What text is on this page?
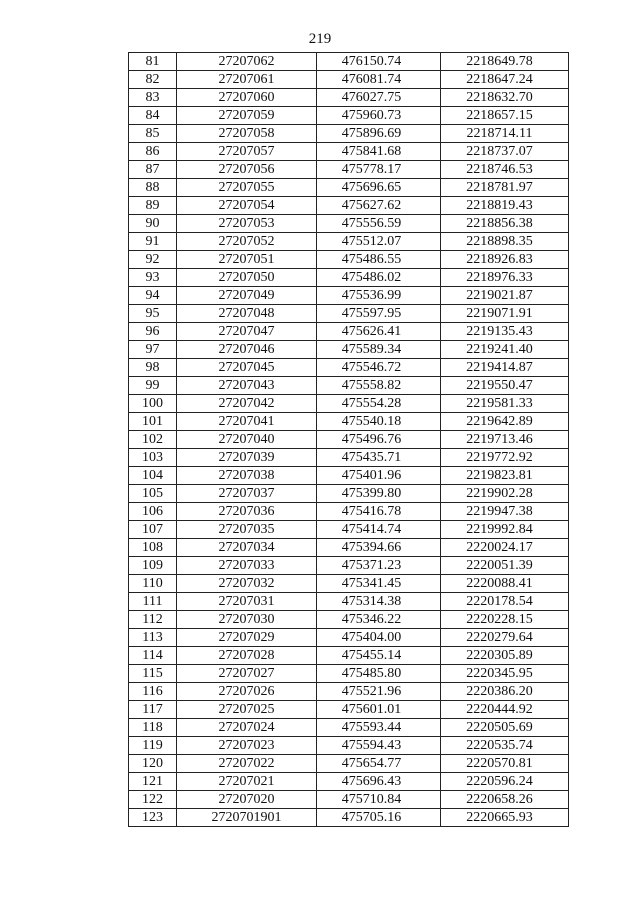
219
81	27207062	476150.74	2218649.78
82	27207061	476081.74	2218647.24
83	27207060	476027.75	2218632.70
84	27207059	475960.73	2218657.15
85	27207058	475896.69	2218714.11
86	27207057	475841.68	2218737.07
87	27207056	475778.17	2218746.53
88	27207055	475696.65	2218781.97
89	27207054	475627.62	2218819.43
90	27207053	475556.59	2218856.38
91	27207052	475512.07	2218898.35
92	27207051	475486.55	2218926.83
93	27207050	475486.02	2218976.33
94	27207049	475536.99	2219021.87
95	27207048	475597.95	2219071.91
96	27207047	475626.41	2219135.43
97	27207046	475589.34	2219241.40
98	27207045	475546.72	2219414.87
99	27207043	475558.82	2219550.47
100	27207042	475554.28	2219581.33
101	27207041	475540.18	2219642.89
102	27207040	475496.76	2219713.46
103	27207039	475435.71	2219772.92
104	27207038	475401.96	2219823.81
105	27207037	475399.80	2219902.28
106	27207036	475416.78	2219947.38
107	27207035	475414.74	2219992.84
108	27207034	475394.66	2220024.17
109	27207033	475371.23	2220051.39
110	27207032	475341.45	2220088.41
111	27207031	475314.38	2220178.54
112	27207030	475346.22	2220228.15
113	27207029	475404.00	2220279.64
114	27207028	475455.14	2220305.89
115	27207027	475485.80	2220345.95
116	27207026	475521.96	2220386.20
117	27207025	475601.01	2220444.92
118	27207024	475593.44	2220505.69
119	27207023	475594.43	2220535.74
120	27207022	475654.77	2220570.81
121	27207021	475696.43	2220596.24
122	27207020	475710.84	2220658.26
123	2720701901	475705.16	2220665.93
